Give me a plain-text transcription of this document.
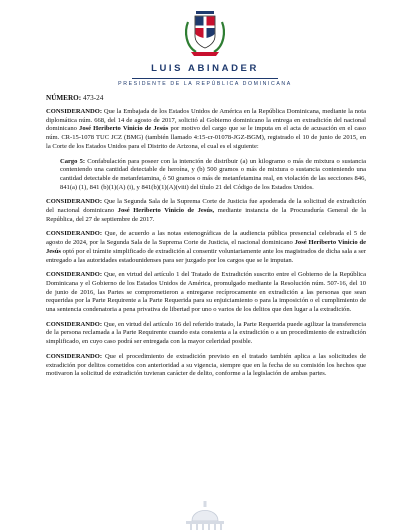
LUIS ABINADER
PRESIDENTE DE LA REPÚBLICA DOMINICANA
NÚMERO: 473-24

CONSIDERANDO: Que la Embajada de los Estados Unidos de América en la República Dominicana, mediante la nota diplomática núm. 668, del 14 de agosto de 2017, solicitó al Gobierno dominicano la entrega en extradición del nacional dominicano José Heriberto Vinicio de Jesús por motivo del cargo que se le imputa en el acta de acusación en el caso núm. CR-15-1078 TUC JCZ (BMG) (también llamado 4:15-cr-01078-JGZ-BGM), registrado el 10 de junio de 2015, en la Corte de los Estados Unidos para el Distrito de Arizona, el cual es el siguiente:

Cargo 5: Confabulación para poseer con la intención de distribuir (a) un kilogramo o más de mixtura o sustancia conteniendo una cantidad detectable de heroína, y (b) 500 gramos o más de mixtura o sustancia conteniendo una cantidad detectable de metanfetamina, ó 50 gramos o más de metanfetamina real, en violación de las secciones 846, 841(a) (1), 841 (b)(1)(A) (i), y 841(b)(1)(A)(viii) del título 21 del Código de los Estados Unidos.

CONSIDERANDO: Que la Segunda Sala de la Suprema Corte de Justicia fue apoderada de la solicitud de extradición del nacional dominicano José Heriberto Vinicio de Jesús, mediante instancia de la Procuraduría General de la República, del 27 de septiembre de 2017.

CONSIDERANDO: Que, de acuerdo a las notas estenográficas de la audiencia pública presencial celebrada el 5 de agosto de 2024, por la Segunda Sala de la Suprema Corte de Justicia, el nacional dominicano José Heriberto Vinicio de Jesús optó por el trámite simplificado de extradición al consentir voluntariamente ante los magistrados de dicha sala a ser entregado a las autoridades estadounidenses para ser juzgado por los cargos que se le imputan.

CONSIDERANDO: Que, en virtud del artículo 1 del Tratado de Extradición suscrito entre el Gobierno de la República Dominicana y el Gobierno de los Estados Unidos de América, promulgado mediante la Resolución núm. 507-16, del 10 de junio de 2016, las Partes se comprometieron a entregarse recíprocamente en extradición a las personas que sean requeridas por la Parte Requirente a la Parte Requerida para su enjuiciamiento o para la imposición o el cumplimiento de una sentencia condenatoria a pena privativa de libertad por uno o varios de los delitos que den lugar a la extradición.

CONSIDERANDO: Que, en virtud del artículo 16 del referido tratado, la Parte Requerida puede agilizar la transferencia de la persona reclamada a la Parte Requirente cuando esta consienta a la extradición o a un procedimiento de extradición simplificado, en cuyo caso podrá ser entregada con la mayor celeridad posible.

CONSIDERANDO: Que el procedimiento de extradición previsto en el tratado también aplica a las solicitudes de extradición por delitos cometidos con anterioridad a su vigencia, siempre que en la fecha de su comisión los hechos que motivaron la solicitud de extradición tuvieran carácter de delito, conforme a la legislación de ambas partes.
